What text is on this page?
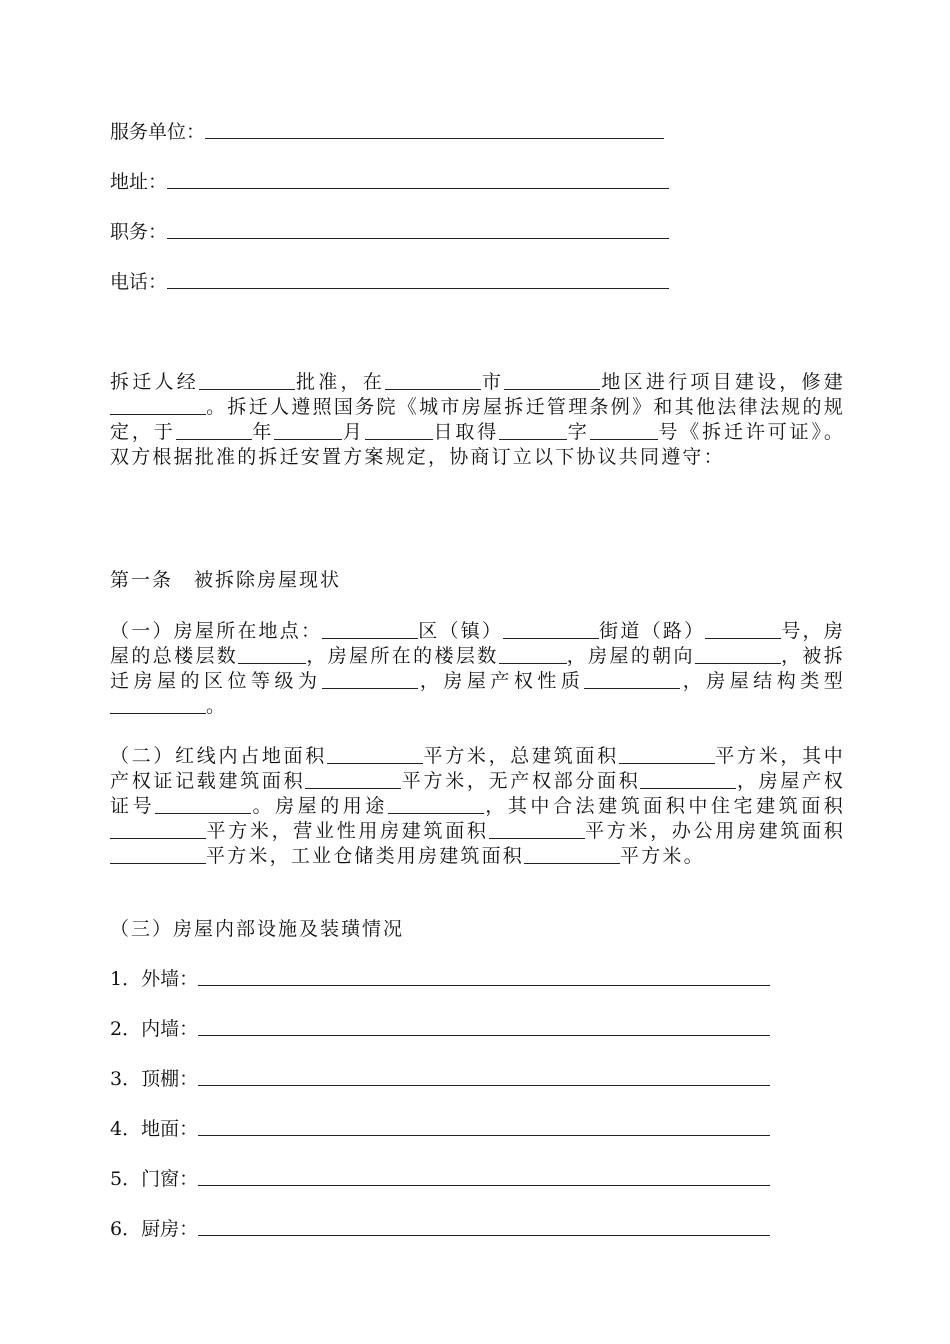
服务单位：
地址：
职务：
电话：
拆迁人经	批准，在	市	地区进行项目建设，修建。拆迁人遵照国务院《城市房屋拆迁管理条例》和其他法律法规的规定，于	年	月	日取得	字	号《拆迁许可证》。双方根据批准的拆迁安置方案规定，协商订立以下协议共同遵守：
第一条　被拆除房屋现状
（一）房屋所在地点：	区（镇）	街道（路）	号，房屋的总楼层数	，房屋所在的楼层数	，房屋的朝向	，被拆迁房屋的区位等级为	，房屋产权性质	，房屋结构类型。
（二）红线内占地面积	平方米，总建筑面积	平方米，其中产权证记载建筑面积	平方米，无产权部分面积	，房屋产权证号	。房屋的用途	，其中合法建筑面积中住宅建筑面积平方米，营业性用房建筑面积	平方米，办公用房建筑面积平方米，工业仓储类用房建筑面积	平方米。
（三）房屋内部设施及装璜情况
1．外墙：
2．内墙：
3．顶棚：
4．地面：
5．门窗：
6．厨房：
